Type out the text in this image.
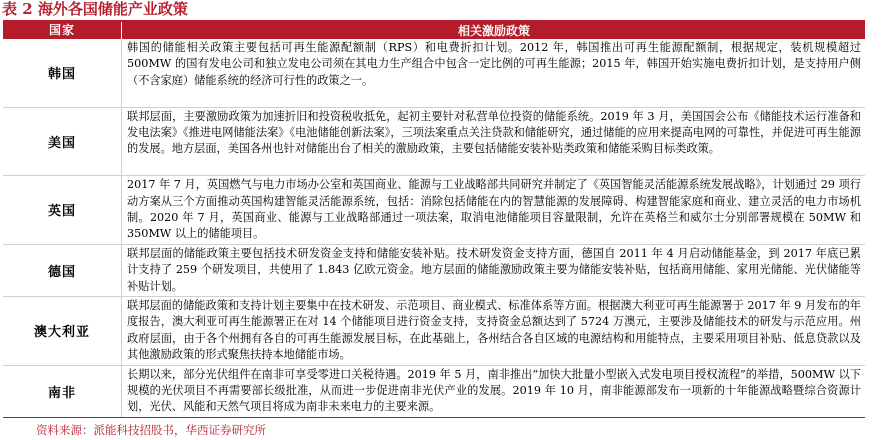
表 2 海外各国储能产业政策
国家	相关激励政策
韩国
韩国的储能相关政策主要包括可再生能源配额制（RPS）和电费折扣计划。2012 年，韩国推出可再生能源配额制，根据规定，装机规模超过 500MW 的国有发电公司和独立发电公司须在其电力生产组合中包含一定比例的可再生能源；2015 年，韩国开始实施电费折扣计划，是支持用户侧（不含家庭）储能系统的经济可行性的政策之一。
美国
联邦层面，主要激励政策为加速折旧和投资税收抵免，起初主要针对私营单位投资的储能系统。2019 年 3 月，美国国会公布《储能技术运行准备和发电法案》《推进电网储能法案》《电池储能创新法案》，三项法案重点关注贷款和储能研究，通过储能的应用来提高电网的可靠性，并促进可再生能源的发展。地方层面，美国各州也针对储能出台了相关的激励政策，主要包括储能安装补贴类政策和储能采购目标类政策。
英国
2017 年 7 月，英国燃气与电力市场办公室和英国商业、能源与工业战略部共同研究并制定了《英国智能灵活能源系统发展战略》，计划通过 29 项行动方案从三个方面推动英国构建智能灵活能源系统，包括：消除包括储能在内的智慧能源的发展障碍、构建智能家庭和商业、建立灵活的电力市场机制。2020 年 7 月，英国商业、能源与工业战略部通过一项法案，取消电池储能项目容量限制，允许在英格兰和威尔士分别部署规模在 50MW 和 350MW 以上的储能项目。
德国
联邦层面的储能政策主要包括技术研发资金支持和储能安装补贴。技术研发资金支持方面，德国自 2011 年 4 月启动储能基金，到 2017 年底已累计支持了 259 个研发项目，共使用了 1.843 亿欧元资金。地方层面的储能激励政策主要为储能安装补贴，包括商用储能、家用光储能、光伏储能等补贴计划。
澳大利亚
联邦层面的储能政策和支持计划主要集中在技术研发、示范项目、商业模式、标准体系等方面。根据澳大利亚可再生能源署于 2017 年 9 月发布的年度报告，澳大利亚可再生能源署正在对 14 个储能项目进行资金支持，支持资金总额达到了 5724 万澳元，主要涉及储能技术的研发与示范应用。州政府层面，由于各个州拥有各自的可再生能源发展目标，在此基础上，各州结合各自区域的电源结构和用能特点，主要采用项目补贴、低息贷款以及其他激励政策的形式聚焦扶持本地储能市场。
南非
长期以来，部分光伏组件在南非可享受零进口关税待遇。2019 年 5 月，南非推出“加快大批量小型嵌入式发电项目授权流程”的举措，500MW 以下规模的光伏项目不再需要部长级批准，从而进一步促进南非光伏产业的发展。2019 年 10 月，南非能源部发布一项新的十年能源战略暨综合资源计划，光伏、风能和天然气项目将成为南非未来电力的主要来源。
资料来源：派能科技招股书，华西证券研究所
